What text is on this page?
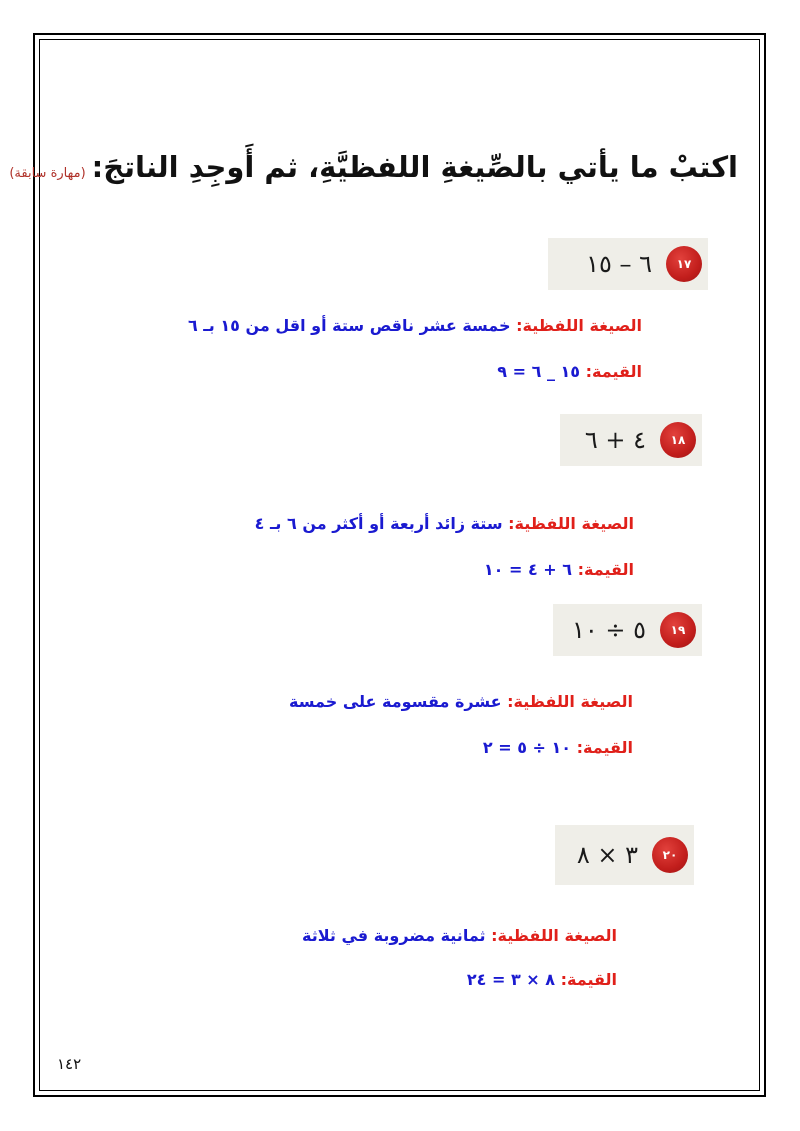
اكتبْ ما يأتي بالصِّيغةِ اللفظيَّةِ، ثم أَوجِدِ الناتجَ:(مهارة سابقة)
١٧
٦ – ١٥
الصيغة اللفظية: خمسة عشر ناقص ستة أو اقل من ١٥ بـ ٦
القيمة: ١٥ _ ٦ = ٩
١٨
٤ + ٦
الصيغة اللفظية: ستة زائد أربعة أو أكثر من ٦ بـ ٤
القيمة: ٦ + ٤ = ١٠
١٩
٥ ÷ ١٠
الصيغة اللفظية: عشرة مقسومة على خمسة
القيمة: ١٠ ÷ ٥ = ٢
٢٠
٣ × ٨
الصيغة اللفظية: ثمانية مضروبة في ثلاثة
القيمة: ٨ × ٣ = ٢٤
١٤٢
